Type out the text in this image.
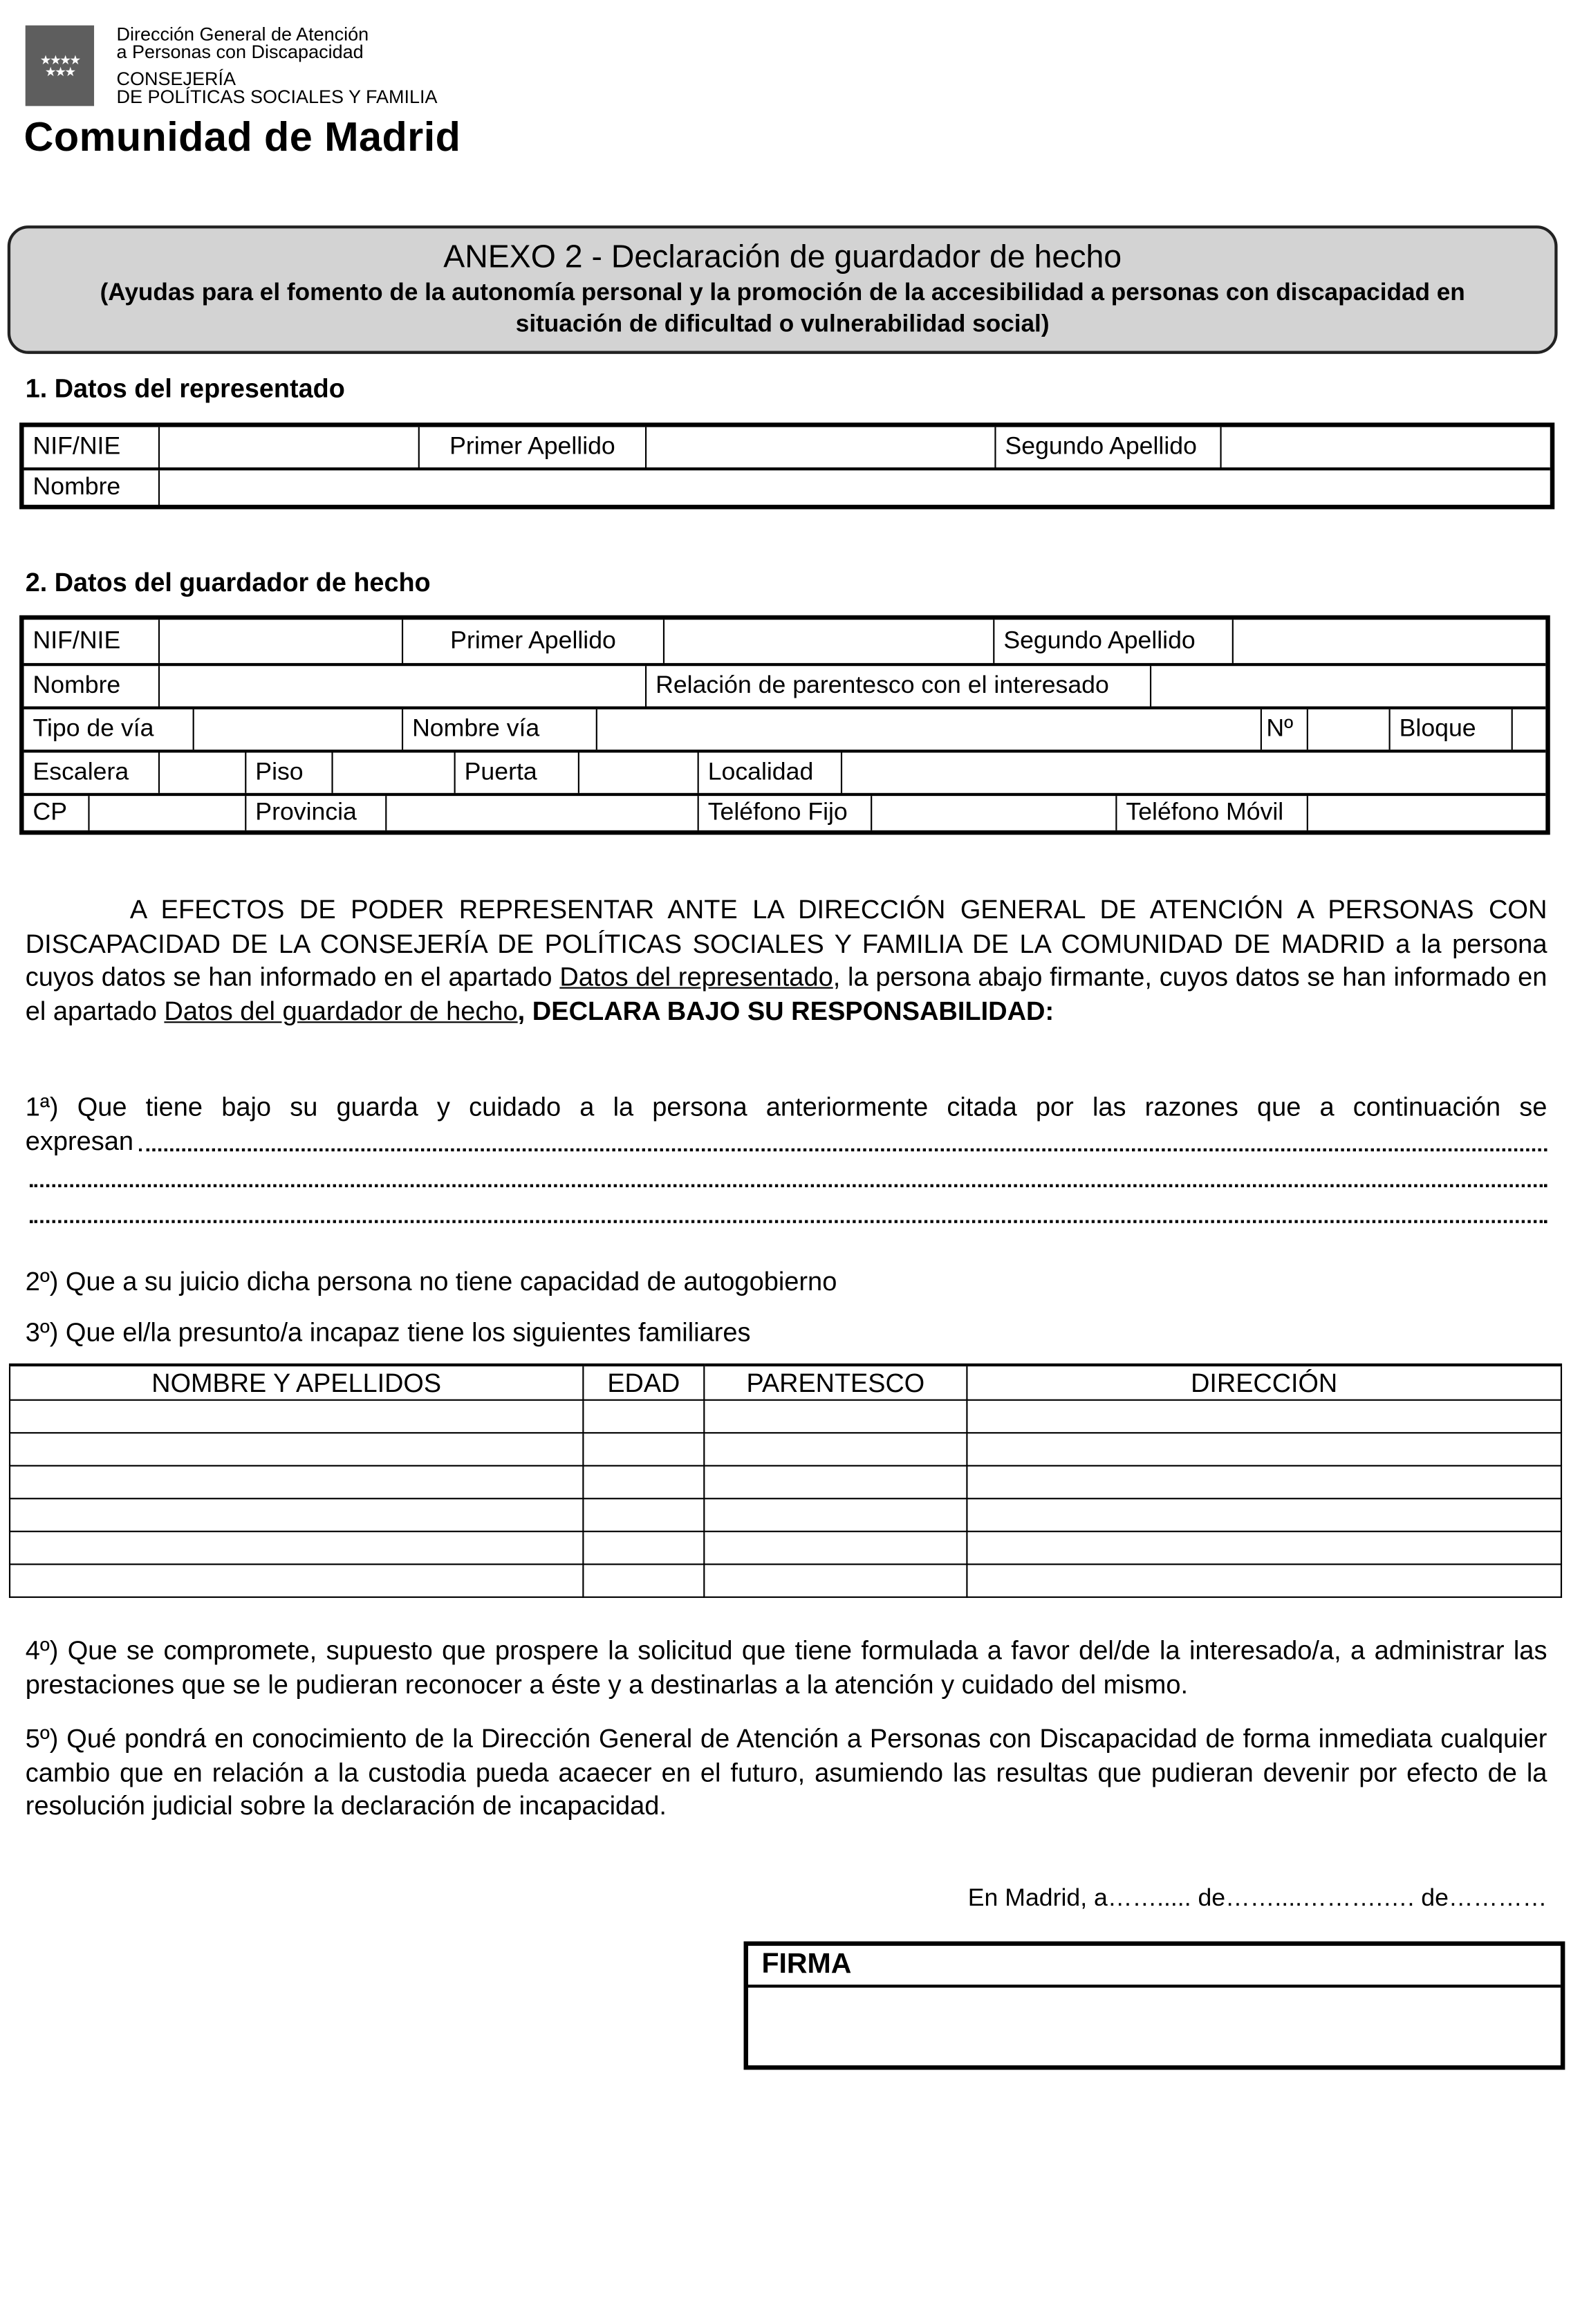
★★★★ ★★★
Dirección General de Atención
a Personas con Discapacidad
CONSEJERÍA
DE POLÍTICAS SOCIALES Y FAMILIA
Comunidad de Madrid
ANEXO 2 - Declaración de guardador de hecho
(Ayudas para el fomento de la autonomía personal y la promoción de la accesibilidad a personas con discapacidad en
situación de dificultad o vulnerabilidad social)
1. Datos del representado
NIF/NIE	Primer Apellido	Segundo Apellido
Nombre
2. Datos del guardador de hecho
NIF/NIE	Primer Apellido	Segundo Apellido
Nombre	Relación de parentesco con el interesado
Tipo de vía	Nombre vía	Nº	Bloque
Escalera	Piso	Puerta	Localidad
CP	Provincia	Teléfono Fijo	Teléfono Móvil
A EFECTOS DE PODER REPRESENTAR ANTE LA DIRECCIÓN GENERAL DE ATENCIÓN A PERSONAS CON DISCAPACIDAD DE LA CONSEJERÍA DE POLÍTICAS SOCIALES Y FAMILIA DE LA COMUNIDAD DE MADRID a la persona cuyos datos se han informado en el apartado Datos del representado, la persona abajo firmante, cuyos datos se han informado en el apartado Datos del guardador de hecho, DECLARA BAJO SU RESPONSABILIDAD:
1ª) Que tiene bajo su guarda y cuidado a la persona anteriormente citada por las razones que a continuación se
expresan
2º) Que a su juicio dicha persona no tiene capacidad de autogobierno
3º) Que el/la presunto/a incapaz tiene los siguientes familiares
NOMBRE Y APELLIDOS	EDAD	PARENTESCO	DIRECCIÓN

4º) Que se compromete, supuesto que prospere la solicitud que tiene formulada a favor del/de la interesado/a, a administrar las prestaciones que se le pudieran reconocer a éste y a destinarlas a la atención y cuidado del mismo.
5º) Qué pondrá en conocimiento de la Dirección General de Atención a Personas con Discapacidad de forma inmediata cualquier cambio que en relación a la custodia pueda acaecer en el futuro, asumiendo las resultas que pudieran devenir por efecto de la resolución judicial sobre la declaración de incapacidad.
En Madrid, a……..... de……....……….…. de…………
FIRMA
